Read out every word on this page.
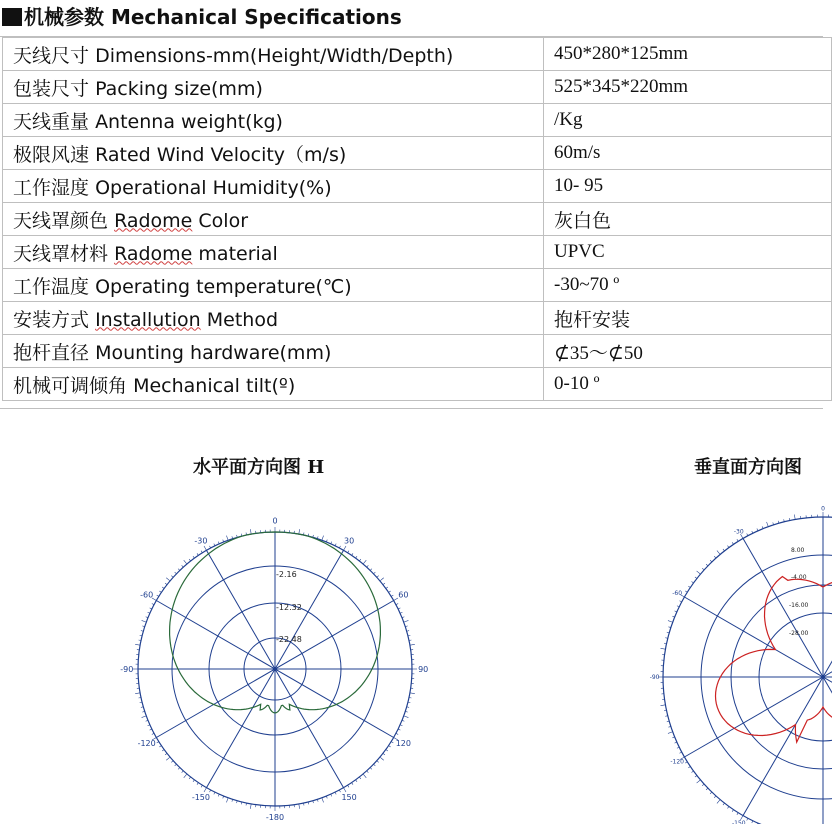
机械参数 Mechanical Specifications
天线尺寸 Dimensions-mm(Height/Width/Depth)	450*280*125mm
包装尺寸 Packing size(mm)	525*345*220mm
天线重量 Antenna weight(kg)	/Kg
极限风速 Rated Wind Velocity（m/s)	60m/s
工作湿度 Operational Humidity(%)	10- 95
天线罩颜色 Radome Color	灰白色
天线罩材料 Radome material	UPVC
工作温度 Operating temperature(℃)	-30~70 º
安装方式 Installution Method	抱杆安装
抱杆直径 Mounting hardware(mm)	⊄35～⊄50
机械可调倾角 Mechanical tilt(º)	0-10 º
水平面方向图 H	垂直面方向图
0
30
60
90
120
150
-180
-150
-120
-90
-60
-30
-2.16
-12.32
-22.48
0
-150
-120
-90
-60
-30
8.00
-4.00
-16.00
-28.00
